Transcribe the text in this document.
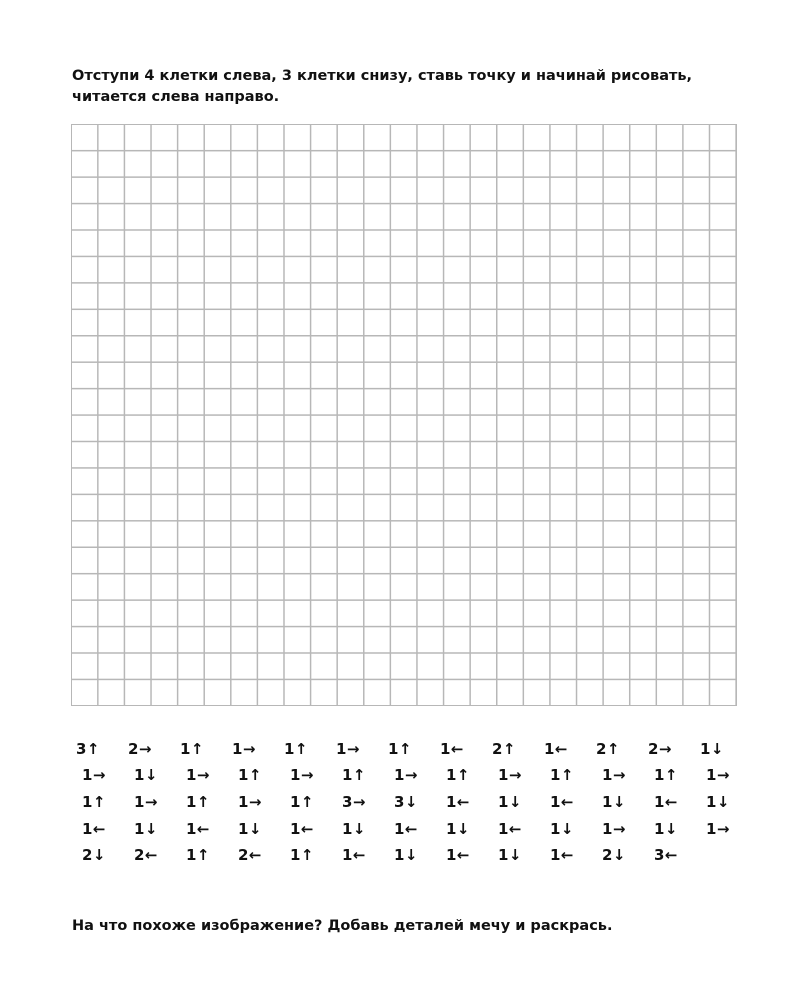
Отступи 4 клетки слева, 3 клетки снизу, ставь точку и начинай рисовать, читается слева направо.

3↑ 2→ 1↑ 1→ 1↑ 1→ 1↑ 1← 2↑ 1← 2↑ 2→ 1↓
1→ 1↓ 1→ 1↑ 1→ 1↑ 1→ 1↑ 1→ 1↑ 1→ 1↑ 1→
1↑ 1→ 1↑ 1→ 1↑ 3→ 3↓ 1← 1↓ 1← 1↓ 1← 1↓
1← 1↓ 1← 1↓ 1← 1↓ 1← 1↓ 1← 1↓ 1→ 1↓ 1→
2↓ 2← 1↑ 2← 1↑ 1← 1↓ 1← 1↓ 1← 2↓ 3←

На что похоже изображение? Добавь деталей мечу и раскрась.
